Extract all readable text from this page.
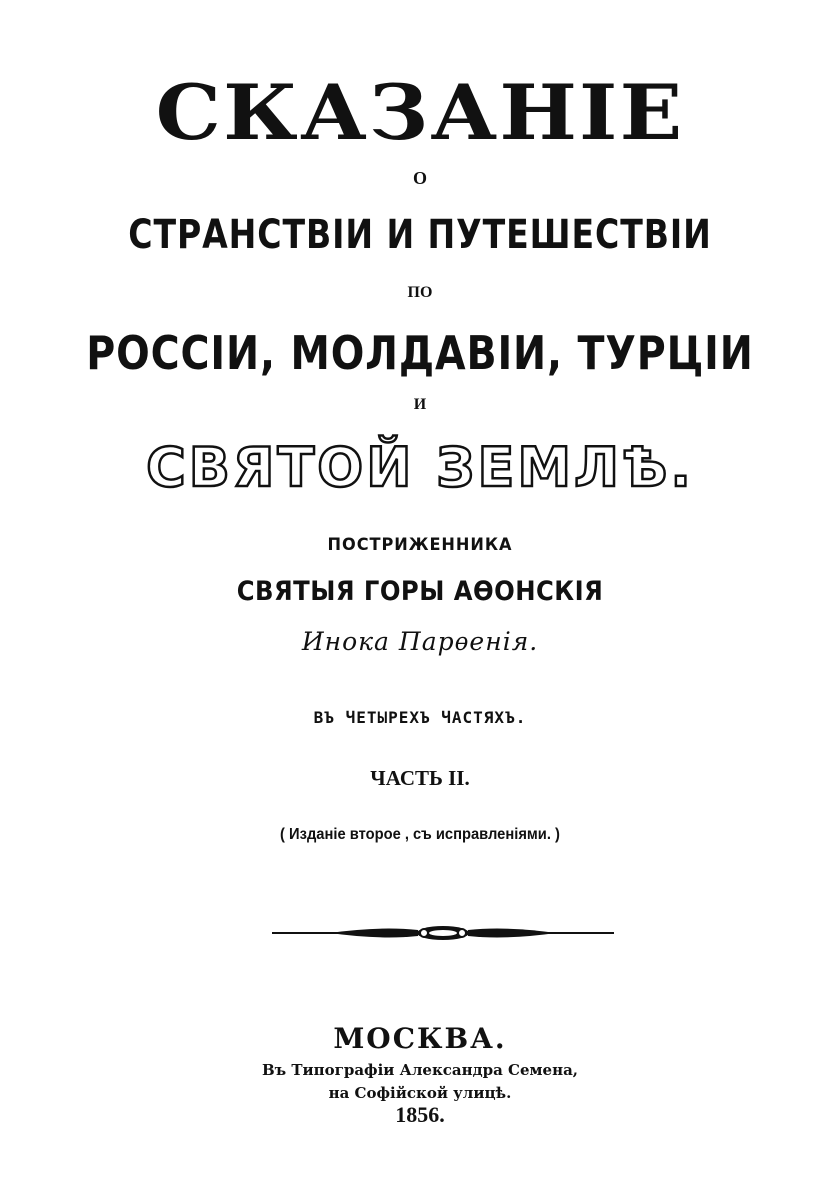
СКАЗАНІЕ
О
СТРАНСТВІИ И ПУТЕШЕСТВІИ
ПО
РОССІИ, МОЛДАВІИ, ТУРЦІИ
И
СВЯТОЙ ЗЕМЛѢ.
ПОСТРИЖЕННИКА
СВЯТЫЯ ГОРЫ АѲОНСКІЯ
Инока Парѳенія.
ВЪ ЧЕТЫРЕХЪ ЧАСТЯХЪ.
ЧАСТЬ II.
( Изданіе второе , съ исправленіями. )
МОСКВА.
Въ Типографіи Александра Семена,
на Софійской улицѣ.
1856.
